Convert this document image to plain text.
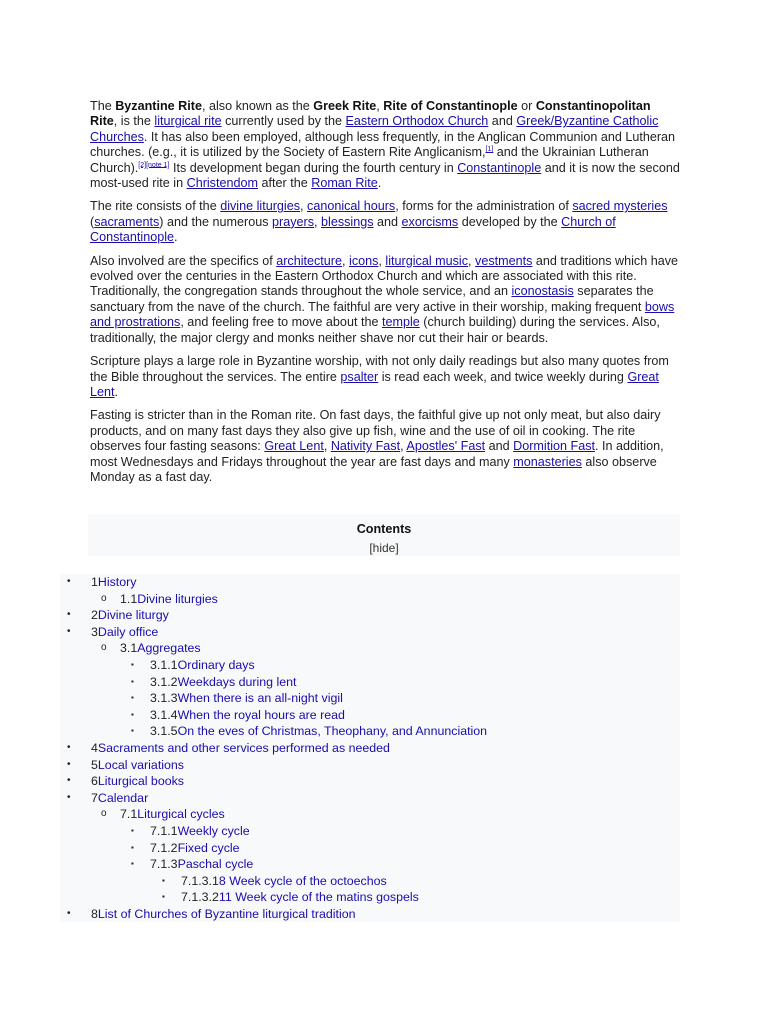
The Byzantine Rite, also known as the Greek Rite, Rite of Constantinople or Constantinopolitan Rite, is the liturgical rite currently used by the Eastern Orthodox Church and Greek/Byzantine Catholic Churches. It has also been employed, although less frequently, in the Anglican Communion and Lutheran churches. (e.g., it is utilized by the Society of Eastern Rite Anglicanism,[1] and the Ukrainian Lutheran Church).[2][note 1] Its development began during the fourth century in Constantinople and it is now the second most-used rite in Christendom after the Roman Rite.

The rite consists of the divine liturgies, canonical hours, forms for the administration of sacred mysteries (sacraments) and the numerous prayers, blessings and exorcisms developed by the Church of Constantinople.

Also involved are the specifics of architecture, icons, liturgical music, vestments and traditions which have evolved over the centuries in the Eastern Orthodox Church and which are associated with this rite. Traditionally, the congregation stands throughout the whole service, and an iconostasis separates the sanctuary from the nave of the church. The faithful are very active in their worship, making frequent bows and prostrations, and feeling free to move about the temple (church building) during the services. Also, traditionally, the major clergy and monks neither shave nor cut their hair or beards.

Scripture plays a large role in Byzantine worship, with not only daily readings but also many quotes from the Bible throughout the services. The entire psalter is read each week, and twice weekly during Great Lent.

Fasting is stricter than in the Roman rite. On fast days, the faithful give up not only meat, but also dairy products, and on many fast days they also give up fish, wine and the use of oil in cooking. The rite observes four fasting seasons: Great Lent, Nativity Fast, Apostles' Fast and Dormition Fast. In addition, most Wednesdays and Fridays throughout the year are fast days and many monasteries also observe Monday as a fast day.

Contents
[hide]
• 1History
o 1.1Divine liturgies
• 2Divine liturgy
• 3Daily office
o 3.1Aggregates
▪ 3.1.1Ordinary days
▪ 3.1.2Weekdays during lent
▪ 3.1.3When there is an all-night vigil
▪ 3.1.4When the royal hours are read
▪ 3.1.5On the eves of Christmas, Theophany, and Annunciation
• 4Sacraments and other services performed as needed
• 5Local variations
• 6Liturgical books
• 7Calendar
o 7.1Liturgical cycles
▪ 7.1.1Weekly cycle
▪ 7.1.2Fixed cycle
▪ 7.1.3Paschal cycle
▪ 7.1.3.18 Week cycle of the octoechos
▪ 7.1.3.211 Week cycle of the matins gospels
• 8List of Churches of Byzantine liturgical tradition
